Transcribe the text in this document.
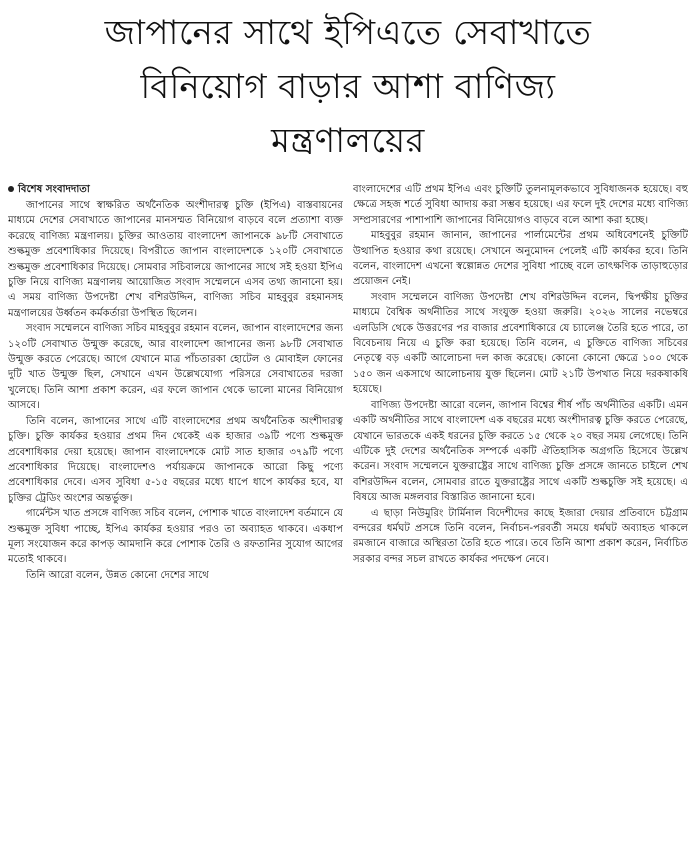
জাপানের সাথে ইপিএতে সেবাখাতে
বিনিয়োগ বাড়ার আশা বাণিজ্য
মন্ত্রণালয়ের
বিশেষ সংবাদদাতা

জাপানের সাথে স্বাক্ষরিত অর্থনৈতিক অংশীদারত্ব চুক্তি (ইপিএ) বাস্তবায়নের মাধ্যমে দেশের সেবাখাতে জাপানের মানসম্মত বিনিয়োগ বাড়বে বলে প্রত্যাশা ব্যক্ত করেছে বাণিজ্য মন্ত্রণালয়। চুক্তির আওতায় বাংলাদেশ জাপানকে ৯৮টি সেবাখাতে শুল্কমুক্ত প্রবেশাধিকার দিয়েছে। বিপরীতে জাপান বাংলাদেশকে ১২০টি সেবাখাতে শুল্কমুক্ত প্রবেশাধিকার দিয়েছে। সোমবার সচিবালয়ে জাপানের সাথে সই হওয়া ইপিএ চুক্তি নিয়ে বাণিজ্য মন্ত্রণালয় আয়োজিত সংবাদ সম্মেলনে এসব তথ্য জানানো হয়। এ সময় বাণিজ্য উপদেষ্টা শেখ বশিরউদ্দিন, বাণিজ্য সচিব মাহবুবুর রহমানসহ মন্ত্রণালয়ের উর্ধ্বতন কর্মকর্তারা উপস্থিত ছিলেন।

সংবাদ সম্মেলনে বাণিজ্য সচিব মাহবুবুর রহমান বলেন, জাপান বাংলাদেশের জন্য ১২০টি সেবাখাত উন্মুক্ত করেছে, আর বাংলাদেশ জাপানের জন্য ৯৮টি সেবাখাত উন্মুক্ত করতে পেরেছে। আগে যেখানে মাত্র পাঁচতারকা হোটেল ও মোবাইল ফোনের দুটি খাত উন্মুক্ত ছিল, সেখানে এখন উল্লেখযোগ্য পরিসরে সেবাখাতের দরজা খুলেছে। তিনি আশা প্রকাশ করেন, এর ফলে জাপান থেকে ভালো মানের বিনিয়োগ আসবে।

তিনি বলেন, জাপানের সাথে এটি বাংলাদেশের প্রথম অর্থনৈতিক অংশীদারত্ব চুক্তি। চুক্তি কার্যকর হওয়ার প্রথম দিন থেকেই এক হাজার ৩৯টি পণ্যে শুল্কমুক্ত প্রবেশাধিকার দেয়া হয়েছে। জাপান বাংলাদেশকে মোট সাত হাজার ৩৭৯টি পণ্যে প্রবেশাধিকার দিয়েছে। বাংলাদেশও পর্যায়ক্রমে জাপানকে আরো কিছু পণ্যে প্রবেশাধিকার দেবে। এসব সুবিধা ৫-১৫ বছরের মধ্যে ধাপে ধাপে কার্যকর হবে, যা চুক্তির ট্রেডিং অংশের অন্তর্ভুক্ত।

গার্মেন্টস খাত প্রসঙ্গে বাণিজ্য সচিব বলেন, পোশাক খাতে বাংলাদেশ বর্তমানে যে শুল্কমুক্ত সুবিধা পাচ্ছে, ইপিএ কার্যকর হওয়ার পরও তা অব্যাহত থাকবে। একধাপ মূল্য সংযোজন করে কাপড় আমদানি করে পোশাক তৈরি ও রফতানির সুযোগ আগের মতোই থাকবে।

তিনি আরো বলেন, উন্নত কোনো দেশের সাথে

বাংলাদেশের এটি প্রথম ইপিএ এবং চুক্তিটি তুলনামূলকভাবে সুবিধাজনক হয়েছে। বহু ক্ষেত্রে সহজ শর্তে সুবিধা আদায় করা সম্ভব হয়েছে। এর ফলে দুই দেশের মধ্যে বাণিজ্য সম্প্রসারণের পাশাপাশি জাপানের বিনিয়োগও বাড়বে বলে আশা করা হচ্ছে।

মাহবুবুর রহমান জানান, জাপানের পার্লামেন্টের প্রথম অধিবেশনেই চুক্তিটি উত্থাপিত হওয়ার কথা রয়েছে। সেখানে অনুমোদন পেলেই এটি কার্যকর হবে। তিনি বলেন, বাংলাদেশ এখনো স্বল্পোন্নত দেশের সুবিধা পাচ্ছে বলে তাৎক্ষণিক তাড়াহুড়োর প্রয়োজন নেই।

সংবাদ সম্মেলনে বাণিজ্য উপদেষ্টা শেখ বশিরউদ্দিন বলেন, দ্বিপক্ষীয় চুক্তির মাধ্যমে বৈশ্বিক অর্থনীতির সাথে সংযুক্ত হওয়া জরুরি। ২০২৬ সালের নভেম্বরে এলডিসি থেকে উত্তরণের পর বাজার প্রবেশাধিকারে যে চ্যালেঞ্জ তৈরি হতে পারে, তা বিবেচনায় নিয়ে এ চুক্তি করা হয়েছে। তিনি বলেন, এ চুক্তিতে বাণিজ্য সচিবের নেতৃত্বে বড় একটি আলোচনা দল কাজ করেছে। কোনো কোনো ক্ষেত্রে ১০০ থেকে ১৫০ জন একসাথে আলোচনায় যুক্ত ছিলেন। মোট ২১টি উপখাত নিয়ে দরকষাকষি হয়েছে।

বাণিজ্য উপদেষ্টা আরো বলেন, জাপান বিশ্বের শীর্ষ পাঁচ অর্থনীতির একটি। এমন একটি অর্থনীতির সাথে বাংলাদেশ এক বছরের মধ্যে অংশীদারত্ব চুক্তি করতে পেরেছে, যেখানে ভারতকে একই ধরনের চুক্তি করতে ১৫ থেকে ২০ বছর সময় লেগেছে। তিনি এটিকে দুই দেশের অর্থনৈতিক সম্পর্কে একটি ঐতিহাসিক অগ্রগতি হিসেবে উল্লেখ করেন। সংবাদ সম্মেলনে যুক্তরাষ্ট্রের সাথে বাণিজ্য চুক্তি প্রসঙ্গে জানতে চাইলে শেখ বশিরউদ্দিন বলেন, সোমবার রাতে যুক্তরাষ্ট্রের সাথে একটি শুল্কচুক্তি সই হয়েছে। এ বিষয়ে আজ মঙ্গলবার বিস্তারিত জানানো হবে।

এ ছাড়া নিউমুরিং টার্মিনাল বিদেশীদের কাছে ইজারা দেয়ার প্রতিবাদে চট্টগ্রাম বন্দরের ধর্মঘট প্রসঙ্গে তিনি বলেন, নির্বাচন-পরবর্তী সময়ে ধর্মঘট অব্যাহত থাকলে রমজানে বাজারে অস্থিরতা তৈরি হতে পারে। তবে তিনি আশা প্রকাশ করেন, নির্বাচিত সরকার বন্দর সচল রাখতে কার্যকর পদক্ষেপ নেবে।
